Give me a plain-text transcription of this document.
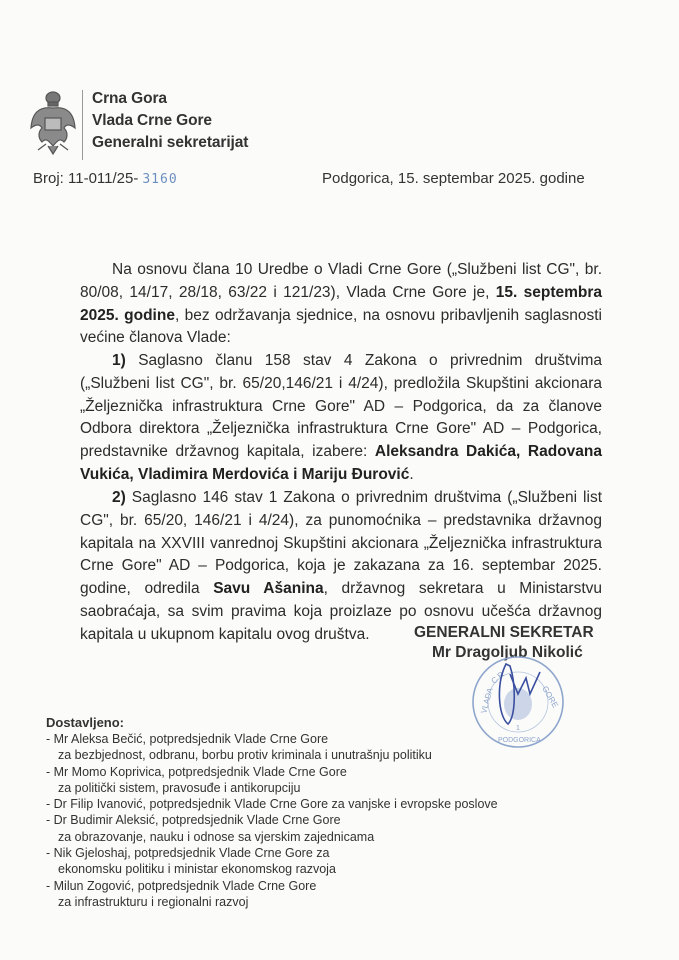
Crna Gora
Vlada Crne Gore
Generalni sekretarijat
Broj: 11-011/25- 3160	Podgorica, 15. septembar 2025. godine
Na osnovu člana 10 Uredbe o Vladi Crne Gore („Službeni list CG", br. 80/08, 14/17, 28/18, 63/22 i 121/23), Vlada Crne Gore je, 15. septembra 2025. godine, bez održavanja sjednice, na osnovu pribavljenih saglasnosti većine članova Vlade:
1) Saglasno članu 158 stav 4 Zakona o privrednim društvima („Službeni list CG", br. 65/20,146/21 i 4/24), predložila Skupštini akcionara „Željeznička infrastruktura Crne Gore" AD – Podgorica, da za članove Odbora direktora „Željeznička infrastruktura Crne Gore" AD – Podgorica, predstavnike državnog kapitala, izabere: Aleksandra Dakića, Radovana Vukića, Vladimira Merdovića i Mariju Đurović.
2) Saglasno 146 stav 1 Zakona o privrednim društvima („Službeni list CG", br. 65/20, 146/21 i 4/24), za punomoćnika – predstavnika državnog kapitala na XXVIII vanrednoj Skupštini akcionara „Željeznička infrastruktura Crne Gore" AD – Podgorica, koja je zakazana za 16. septembar 2025. godine, odredila Savu Ašanina, državnog sekretara u Ministarstvu saobraćaja, sa svim pravima koja proizlaze po osnovu učešća državnog kapitala u ukupnom kapitalu ovog društva.	GENERALNI SEKRETAR
Mr Dragoljub Nikolić
C R
VLADA	GORE
1
PODGORICA
Dostavljeno:
- Mr Aleksa Bečić, potpredsjednik Vlade Crne Gore
za bezbjednost, odbranu, borbu protiv kriminala i unutrašnju politiku
- Mr Momo Koprivica, potpredsjednik Vlade Crne Gore
za politički sistem, pravosuđe i antikorupciju
- Dr Filip Ivanović, potpredsjednik Vlade Crne Gore za vanjske i evropske poslove
- Dr Budimir Aleksić, potpredsjednik Vlade Crne Gore
za obrazovanje, nauku i odnose sa vjerskim zajednicama
- Nik Gjeloshaj, potpredsjednik Vlade Crne Gore za
ekonomsku politiku i ministar ekonomskog razvoja
- Milun Zogović, potpredsjednik Vlade Crne Gore
za infrastrukturu i regionalni razvoj
